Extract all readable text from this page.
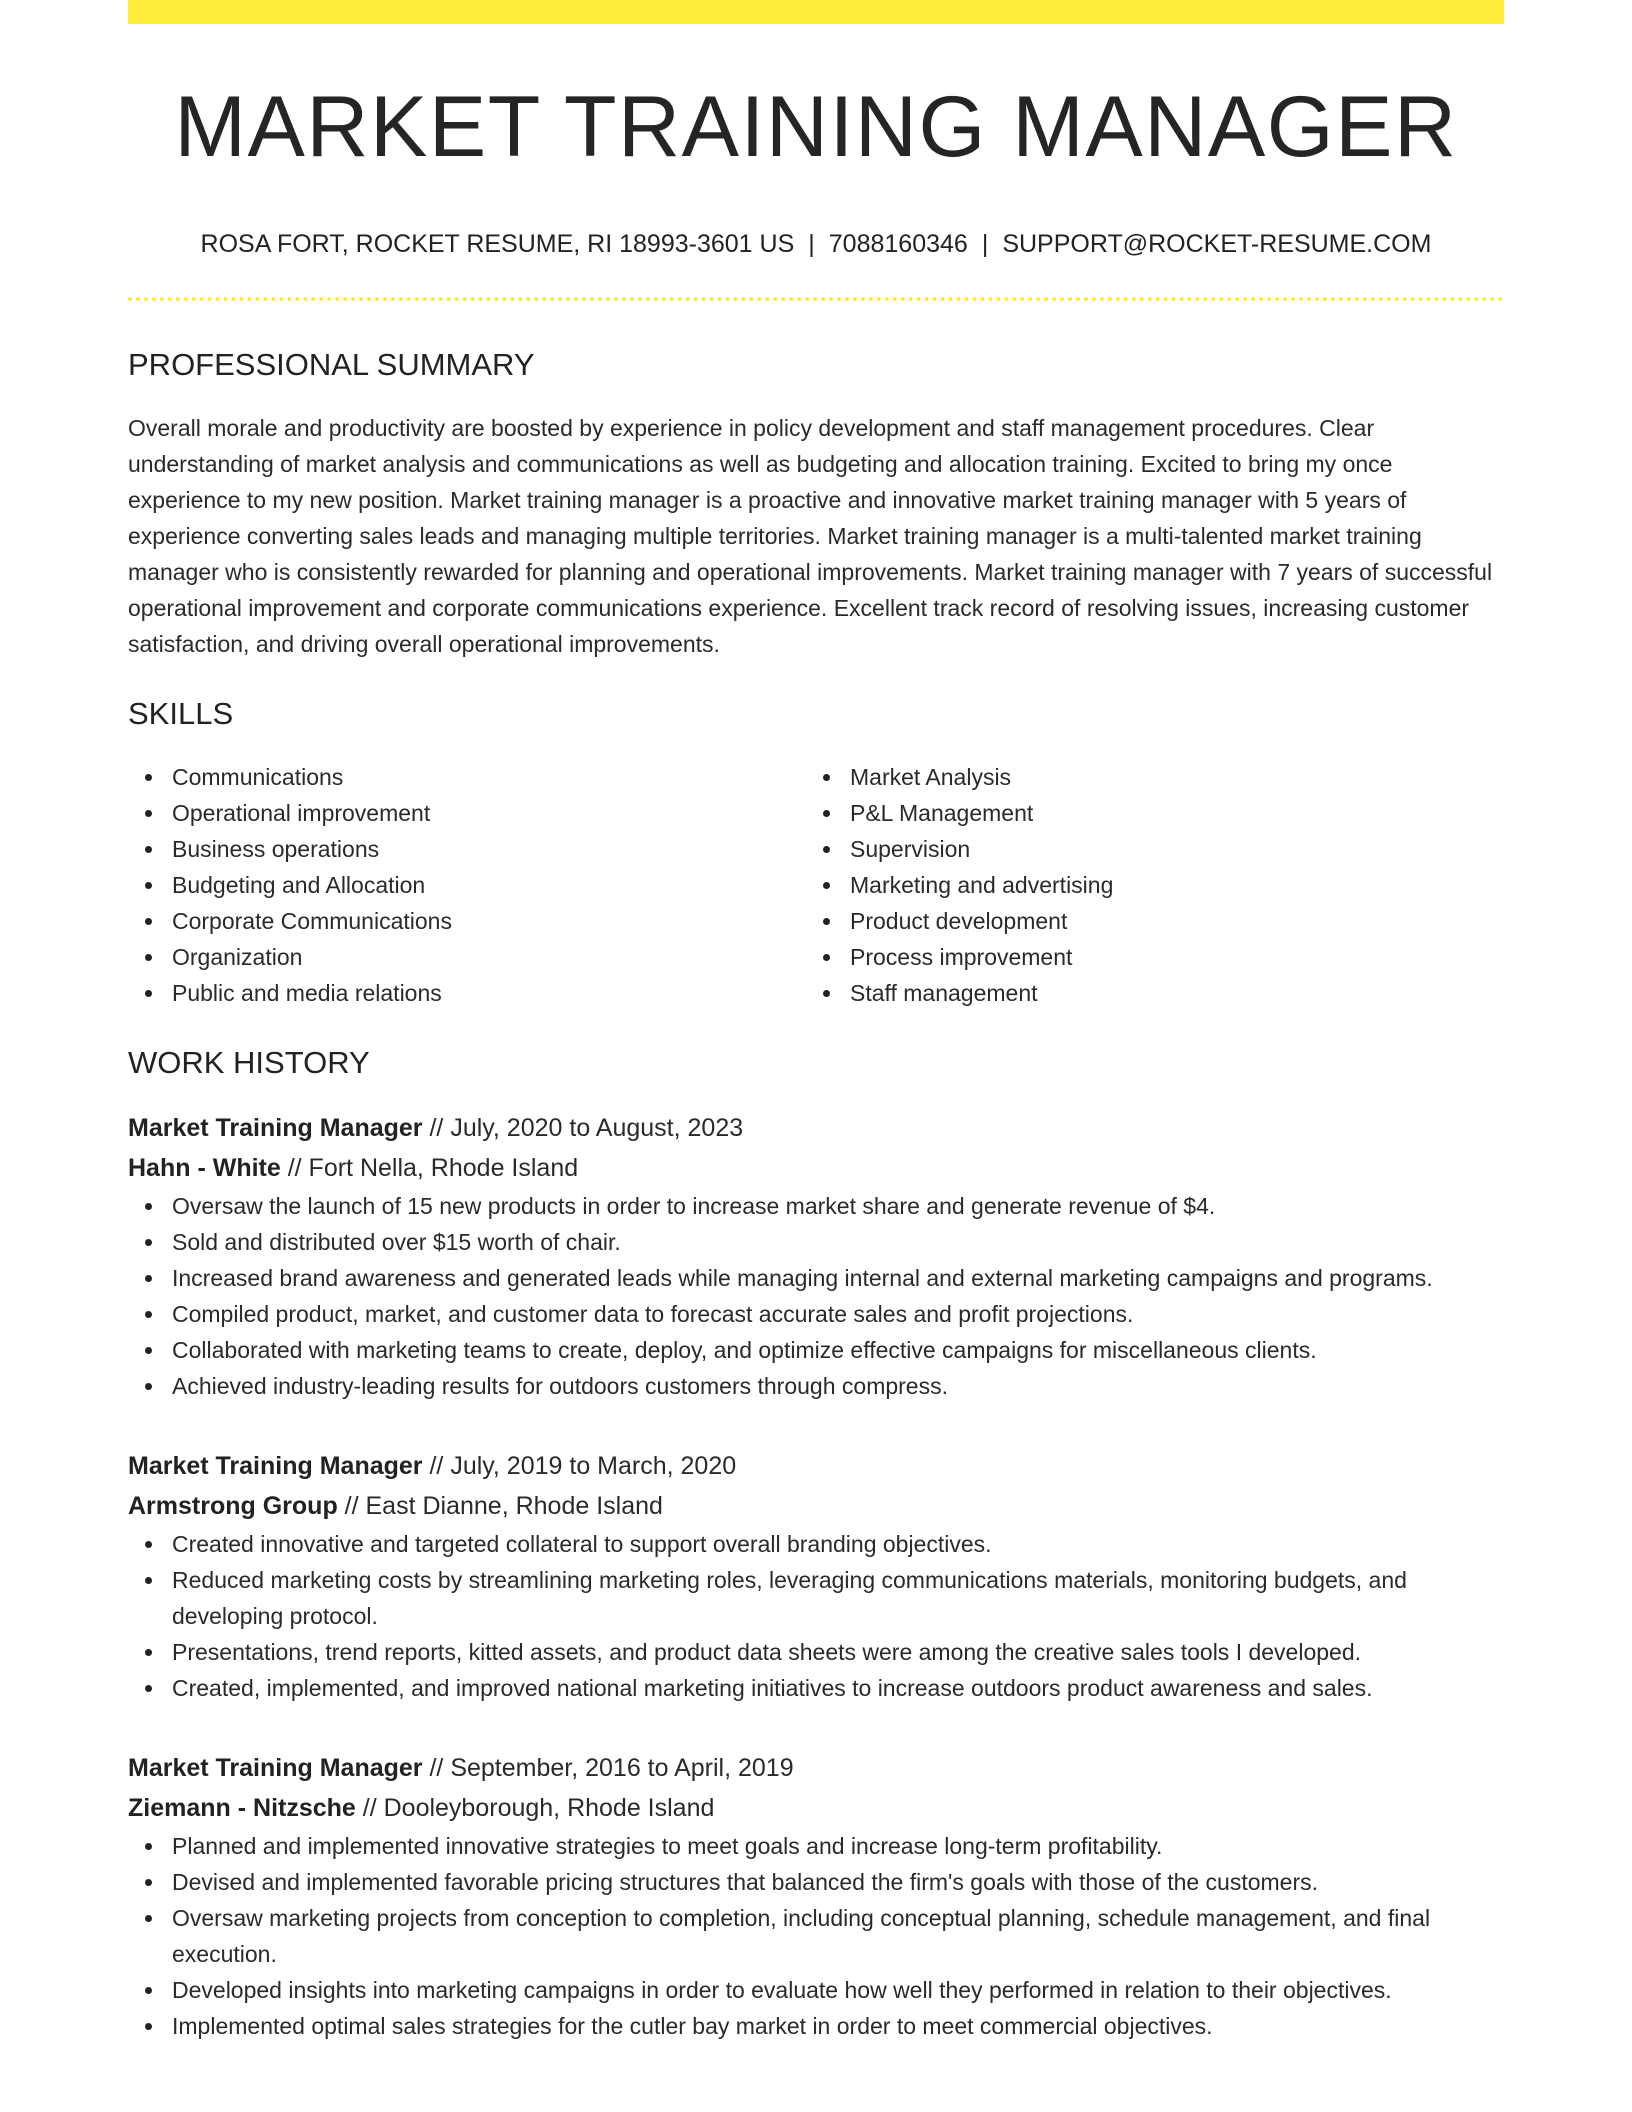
MARKET TRAINING MANAGER
ROSA FORT, ROCKET RESUME, RI 18993-3601 US | 7088160346 | SUPPORT@ROCKET-RESUME.COM
PROFESSIONAL SUMMARY

Overall morale and productivity are boosted by experience in policy development and staff management procedures. Clear understanding of market analysis and communications as well as budgeting and allocation training. Excited to bring my once experience to my new position. Market training manager is a proactive and innovative market training manager with 5 years of experience converting sales leads and managing multiple territories. Market training manager is a multi-talented market training manager who is consistently rewarded for planning and operational improvements. Market training manager with 7 years of successful operational improvement and corporate communications experience. Excellent track record of resolving issues, increasing customer satisfaction, and driving overall operational improvements.

SKILLS
Communications
Operational improvement
Business operations
Budgeting and Allocation
Corporate Communications
Organization
Public and media relations
Market Analysis
P&L Management
Supervision
Marketing and advertising
Product development
Process improvement
Staff management
WORK HISTORY
Market Training Manager // July, 2020 to August, 2023
Hahn - White // Fort Nella, Rhode Island
Oversaw the launch of 15 new products in order to increase market share and generate revenue of $4.
Sold and distributed over $15 worth of chair.
Increased brand awareness and generated leads while managing internal and external marketing campaigns and programs.
Compiled product, market, and customer data to forecast accurate sales and profit projections.
Collaborated with marketing teams to create, deploy, and optimize effective campaigns for miscellaneous clients.
Achieved industry-leading results for outdoors customers through compress.
Market Training Manager // July, 2019 to March, 2020
Armstrong Group // East Dianne, Rhode Island
Created innovative and targeted collateral to support overall branding objectives.
Reduced marketing costs by streamlining marketing roles, leveraging communications materials, monitoring budgets, and developing protocol.
Presentations, trend reports, kitted assets, and product data sheets were among the creative sales tools I developed.
Created, implemented, and improved national marketing initiatives to increase outdoors product awareness and sales.
Market Training Manager // September, 2016 to April, 2019
Ziemann - Nitzsche // Dooleyborough, Rhode Island
Planned and implemented innovative strategies to meet goals and increase long-term profitability.
Devised and implemented favorable pricing structures that balanced the firm's goals with those of the customers.
Oversaw marketing projects from conception to completion, including conceptual planning, schedule management, and final execution.
Developed insights into marketing campaigns in order to evaluate how well they performed in relation to their objectives.
Implemented optimal sales strategies for the cutler bay market in order to meet commercial objectives.
